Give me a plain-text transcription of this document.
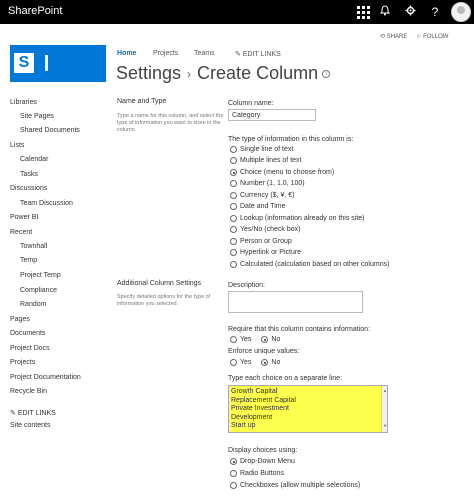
SharePoint	?
⟲ SHARE ☆ FOLLOW
S
Home Projects Teams	✎ EDIT LINKS
Settings › Create Column i
Libraries
Site Pages
Shared Documents
Lists
Calendar
Tasks
Discussions
Team Discussion
Power BI
Recent
Townhall
Temp
Project Temp
Compliance
Random
Pages
Documents
Project Docs
Projects
Project Documentation
Recycle Bin
✎ EDIT LINKS
Site contents
Name and Type
Type a name for this column, and select the type of information you want to store in the column.
Additional Column Settings
Specify detailed options for the type of information you selected.
Column name:
Category
The type of information in this column is:
Single line of text
Multiple lines of text
Choice (menu to choose from)
Number (1, 1.0, 100)
Currency ($, ¥, €)
Date and Time
Lookup (information already on this site)
Yes/No (check box)
Person or Group
Hyperlink or Picture
Calculated (calculation based on other columns)
Description:
Require that this column contains information:
Yes	No
Enforce unique values:
Yes	No
Type each choice on a separate line:
Growth Capital
Replacement Capital
Private Investment
Development
Start up
▲
▼
Display choices using:
Drop-Down Menu
Radio Buttons
Checkboxes (allow multiple selections)
